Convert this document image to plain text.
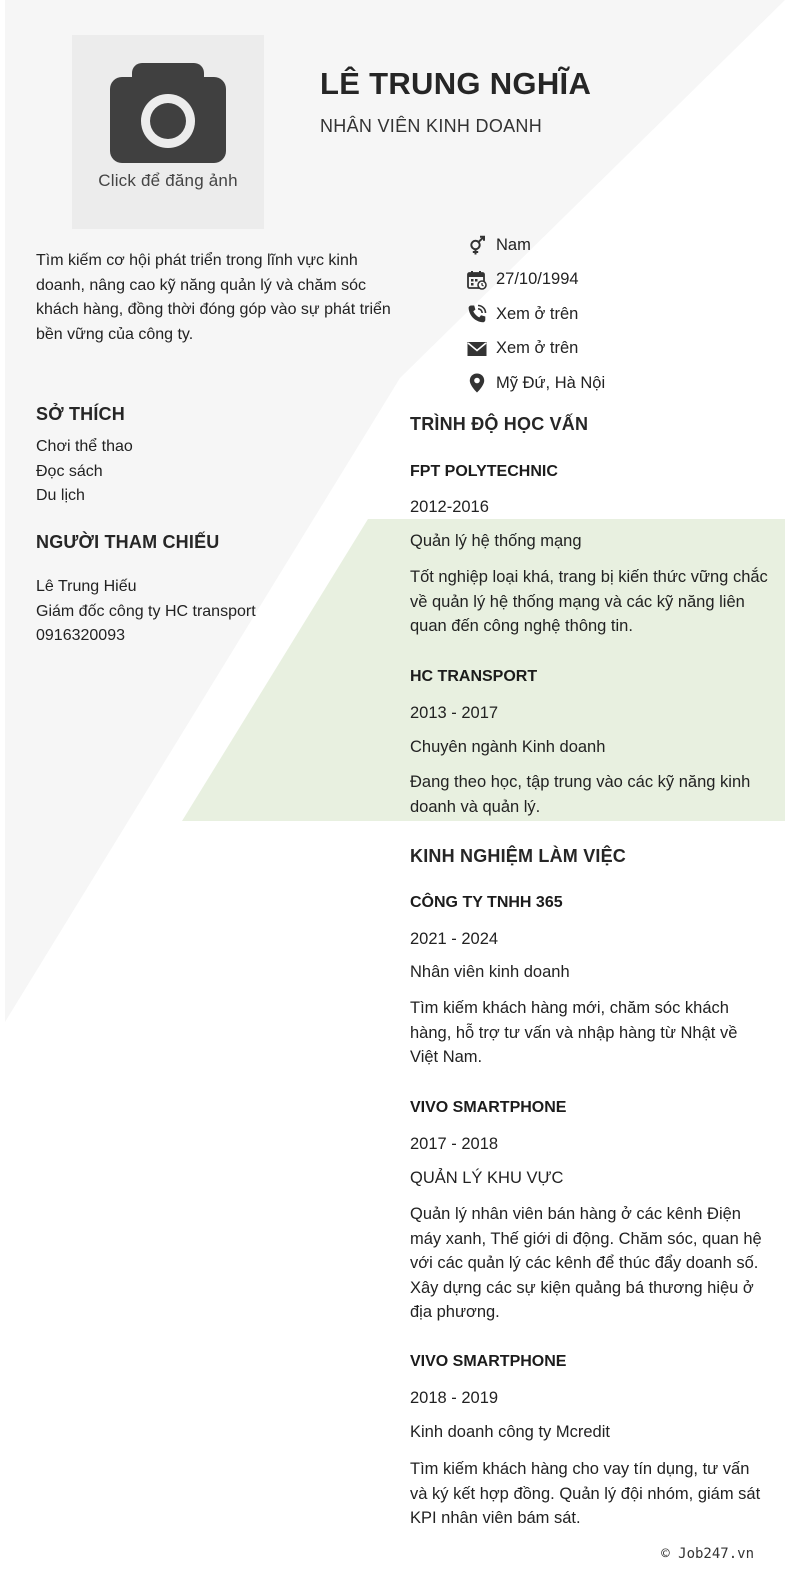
Click để đăng ảnh
LÊ TRUNG NGHĨA
NHÂN VIÊN KINH DOANH
Tìm kiếm cơ hội phát triển trong lĩnh vực kinh doanh, nâng cao kỹ năng quản lý và chăm sóc khách hàng, đồng thời đóng góp vào sự phát triển bền vững của công ty.
Nam
27/10/1994
Xem ở trên
Xem ở trên
Mỹ Đứ, Hà Nội
SỞ THÍCH
Chơi thể thao
Đọc sách
Du lịch
NGƯỜI THAM CHIẾU
Lê Trung Hiếu
Giám đốc công ty HC transport
0916320093
TRÌNH ĐỘ HỌC VẤN
FPT POLYTECHNIC
2012-2016
Quản lý hệ thống mạng
Tốt nghiệp loại khá, trang bị kiến thức vững chắc về quản lý hệ thống mạng và các kỹ năng liên quan đến công nghệ thông tin.
HC TRANSPORT
2013 - 2017
Chuyên ngành Kinh doanh
Đang theo học, tập trung vào các kỹ năng kinh doanh và quản lý.
KINH NGHIỆM LÀM VIỆC
CÔNG TY TNHH 365
2021 - 2024
Nhân viên kinh doanh
Tìm kiếm khách hàng mới, chăm sóc khách hàng, hỗ trợ tư vấn và nhập hàng từ Nhật về Việt Nam.
VIVO SMARTPHONE
2017 - 2018
QUẢN LÝ KHU VỰC
Quản lý nhân viên bán hàng ở các kênh Điện máy xanh, Thế giới di động. Chăm sóc, quan hệ với các quản lý các kênh để thúc đẩy doanh số. Xây dựng các sự kiện quảng bá thương hiệu ở địa phương.
VIVO SMARTPHONE
2018 - 2019
Kinh doanh công ty Mcredit
Tìm kiếm khách hàng cho vay tín dụng, tư vấn và ký kết hợp đồng. Quản lý đội nhóm, giám sát KPI nhân viên bám sát.
© Job247.vn
